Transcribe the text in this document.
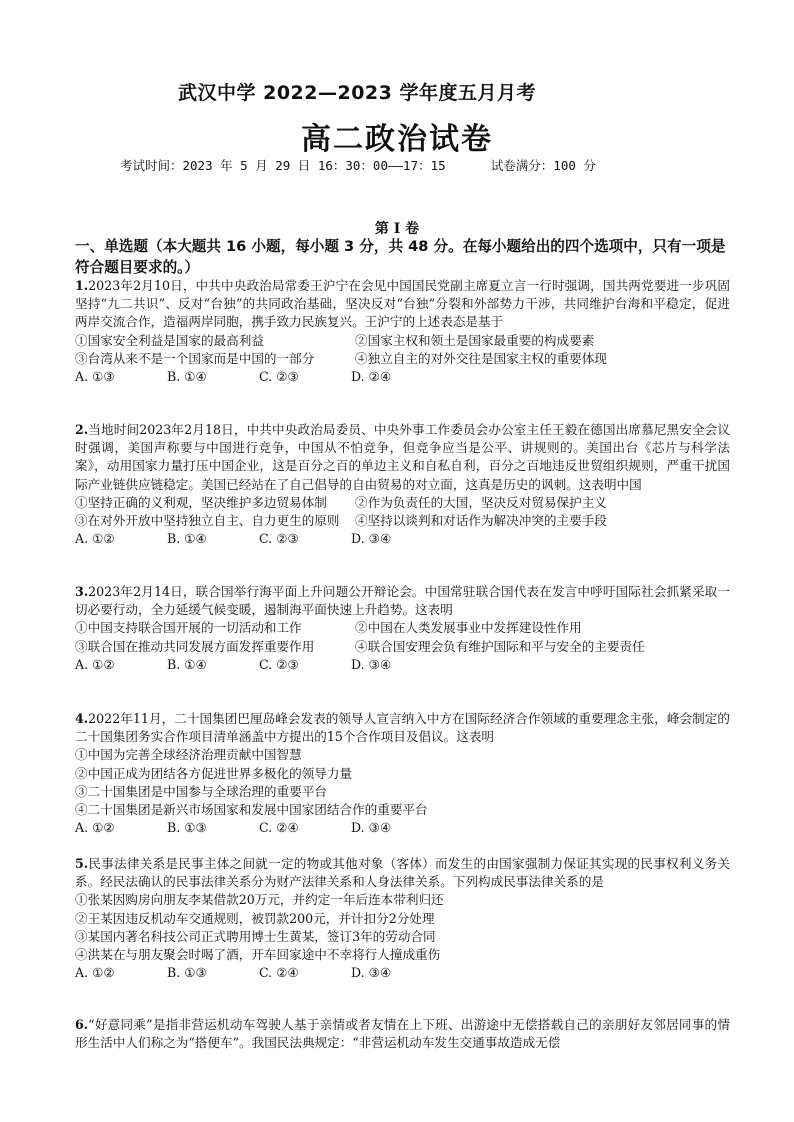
武汉中学 2022—2023 学年度五月月考
高二政治试卷
考试时间：2023 年 5 月 29 日 16：30：00——17：15      试卷满分：100 分
第 I 卷
一、单选题（本大题共 16 小题，每小题 3 分，共 48 分。在每小题给出的四个选项中，只有一项是符合题目要求的。）
1.2023年2月10日，中共中央政治局常委王沪宁在会见中国国民党副主席夏立言一行时强调，国共两党要进一步巩固坚持“九二共识”、反对“台独”的共同政治基础，坚决反对“台独”分裂和外部势力干涉，共同维护台海和平稳定，促进两岸交流合作，造福两岸同胞，携手致力民族复兴。王沪宁的上述表态是基于
①国家安全利益是国家的最高利益	②国家主权和领土是国家最重要的构成要素
③台湾从来不是一个国家而是中国的一部分	④独立自主的对外交往是国家主权的重要体现
A. ①③	B. ①④	C. ②③	D. ②④
2.当地时间2023年2月18日，中共中央政治局委员、中央外事工作委员会办公室主任王毅在德国出席慕尼黑安全会议时强调，美国声称要与中国进行竞争，中国从不怕竞争，但竞争应当是公平、讲规则的。美国出台《芯片与科学法案》，动用国家力量打压中国企业，这是百分之百的单边主义和自私自利，百分之百地违反世贸组织规则，严重干扰国际产业链供应链稳定。美国已经站在了自己倡导的自由贸易的对立面，这真是历史的讽刺。这表明中国
①坚持正确的义利观，坚决维护多边贸易体制	②作为负责任的大国，坚决反对贸易保护主义
③在对外开放中坚持独立自主、自力更生的原则	④坚持以谈判和对话作为解决冲突的主要手段
A. ①②	B. ①④	C. ②③	D. ③④
3.2023年2月14日，联合国举行海平面上升问题公开辩论会。中国常驻联合国代表在发言中呼吁国际社会抓紧采取一切必要行动，全力延缓气候变暖，遏制海平面快速上升趋势。这表明
①中国支持联合国开展的一切活动和工作	②中国在人类发展事业中发挥建设性作用
③联合国在推动共同发展方面发挥重要作用	④联合国安理会负有维护国际和平与安全的主要责任
A. ①②	B. ①④	C. ②③	D. ③④
4.2022年11月，二十国集团巴厘岛峰会发表的领导人宣言纳入中方在国际经济合作领域的重要理念主张，峰会制定的二十国集团务实合作项目清单涵盖中方提出的15个合作项目及倡议。这表明
①中国为完善全球经济治理贡献中国智慧
②中国正成为团结各方促进世界多极化的领导力量
③二十国集团是中国参与全球治理的重要平台
④二十国集团是新兴市场国家和发展中国家团结合作的重要平台
A. ①②	B. ①③	C. ②④	D. ③④
5.民事法律关系是民事主体之间就一定的物或其他对象（客体）而发生的由国家强制力保证其实现的民事权利义务关系。经民法确认的民事法律关系分为财产法律关系和人身法律关系。下列构成民事法律关系的是
①张某因购房向朋友李某借款20万元，并约定一年后连本带利归还
②王某因违反机动车交通规则，被罚款200元，并计扣分2分处理
③某国内著名科技公司正式聘用博士生黄某，签订3年的劳动合同
④洪某在与朋友聚会时喝了酒，开车回家途中不幸将行人撞成重伤
A. ①②	B. ①③	C. ②④	D. ③④
6.“好意同乘”是指非营运机动车驾驶人基于亲情或者友情在上下班、出游途中无偿搭载自己的亲朋好友邻居同事的情形生活中人们称之为“搭便车”。我国民法典规定：“非营运机动车发生交通事故造成无偿
